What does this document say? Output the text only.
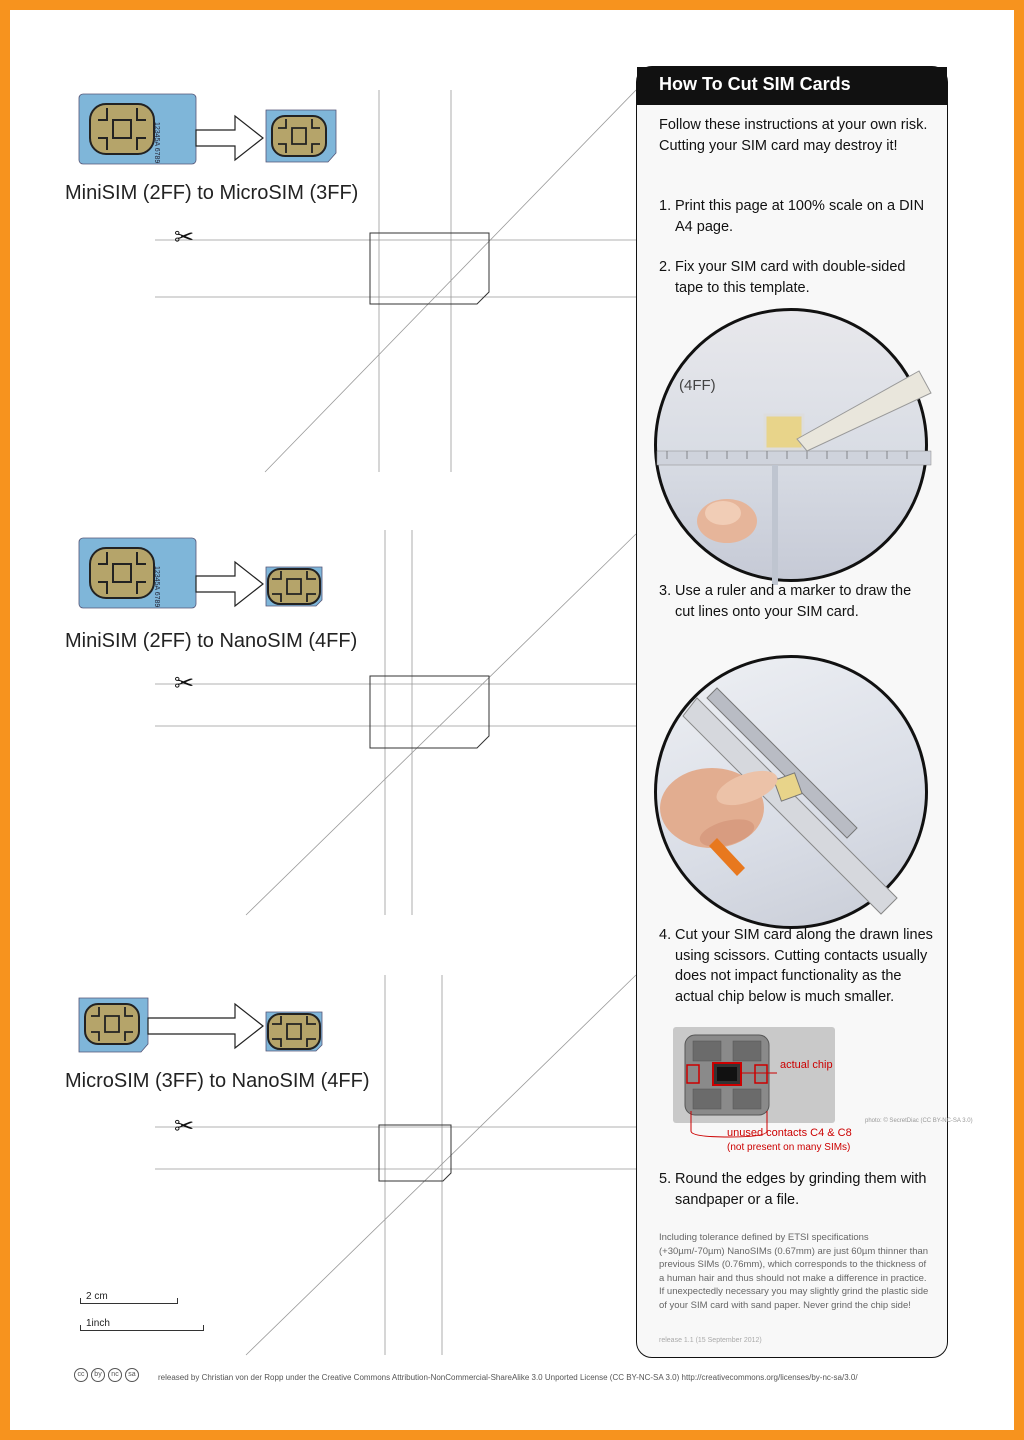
12345A 6789
12345A 6789
MiniSIM (2FF) to MicroSIM (3FF)
MiniSIM (2FF) to NanoSIM (4FF)
MicroSIM (3FF) to NanoSIM (4FF)
✂
✂
✂
2 cm
1inch
How To Cut SIM Cards
Follow these instructions at your own risk. Cutting your SIM card may destroy it!
1. Print this page at 100% scale on a DIN A4 page.
2. Fix your SIM card with double-sided tape to this template.
(4FF)
3. Use a ruler and a marker to draw the cut lines onto your SIM card.
4. Cut your SIM card along the drawn lines using scissors. Cutting contacts usually does not impact functionality as the actual chip below is much smaller.
actual chip
photo: © SecretDiac (CC BY-NC-SA 3.0)
unused contacts C4 & C8
(not present on many SIMs)
5. Round the edges by grinding them with sandpaper or a file.
Including tolerance defined by ETSI specifications (+30µm/-70µm) NanoSIMs (0.67mm) are just 60µm thinner than previous SIMs (0.76mm), which corresponds to the thickness of a human hair and thus should not make a difference in practice. If unexpectedly necessary you may slightly grind the plastic side of your SIM card with sand paper. Never grind the chip side!
release 1.1 (15 September 2012)
cc	by	nc	sa	released by Christian von der Ropp under the Creative Commons Attribution-NonCommercial-ShareAlike 3.0 Unported License (CC BY-NC-SA 3.0) http://creativecommons.org/licenses/by-nc-sa/3.0/
